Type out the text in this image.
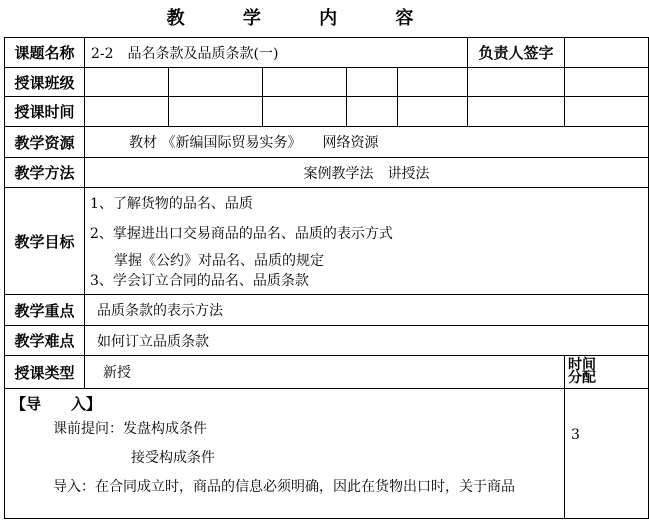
教 学 内 容
课题名称	2-2　品名条款及品质条款(一)					负责人签字	
授课班级							
授课时间							
教学资源	教材 《新编国际贸易实务》　　网络资源						
教学方法	案例教学法　讲授法						
教学目标	1、了解货物的品名、品质
2、掌握进出口交易商品的品名、品质的表示方式
掌握《公约》对品名、品质的规定
3、学会订立合同的品名、品质条款						

教学重点	品质条款的表示方法						
教学难点	如何订立品质条款						
授课类型	新授						时间分配

【导　　入】
课前提问：发盘构成条件
接受构成条件
导入：在合同成立时，商品的信息必须明确，因此在货物出口时，关于商品							3
